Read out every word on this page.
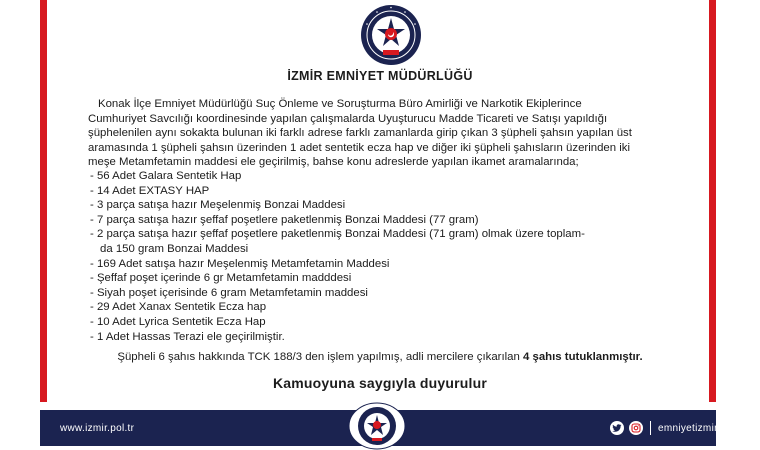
İZMİR EMNİYET MÜDÜRLÜĞÜ
Konak İlçe Emniyet Müdürlüğü Suç Önleme ve Soruşturma Büro Amirliği ve Narkotik Ekiplerince
Cumhuriyet Savcılığı koordinesinde yapılan çalışmalarda Uyuşturucu Madde Ticareti ve Satışı yapıldığı
şüphelenilen aynı sokakta bulunan iki farklı adrese farklı zamanlarda girip çıkan 3 şüpheli şahsın yapılan üst
aramasında 1 şüpheli şahsın üzerinden 1 adet sentetik ecza hap ve diğer iki şüpheli şahısların üzerinden iki
meşe Metamfetamin maddesi ele geçirilmiş, bahse konu adreslerde yapılan ikamet aramalarında;
- 56 Adet Galara Sentetik Hap
- 14 Adet EXTASY HAP
- 3 parça satışa hazır Meşelenmiş Bonzai Maddesi
- 7 parça satışa hazır şeffaf poşetlere paketlenmiş Bonzai Maddesi (77 gram)
- 2 parça satışa hazır şeffaf poşetlere paketlenmiş Bonzai Maddesi (71 gram) olmak üzere toplam-
da 150 gram Bonzai Maddesi
- 169 Adet satışa hazır Meşelenmiş Metamfetamin Maddesi
- Şeffaf poşet içerinde 6 gr Metamfetamin madddesi
- Siyah poşet içerisinde 6 gram Metamfetamin maddesi
- 29 Adet Xanax Sentetik Ecza hap
- 10 Adet Lyrica Sentetik Ecza Hap
- 1 Adet Hassas Terazi ele geçirilmiştir.
Şüpheli 6 şahıs hakkında TCK 188/3 den işlem yapılmış, adli mercilere çıkarılan 4 şahıs tutuklanmıştır.
Kamuoyuna saygıyla duyurulur
www.izmir.pol.tr	emniyetizmir
